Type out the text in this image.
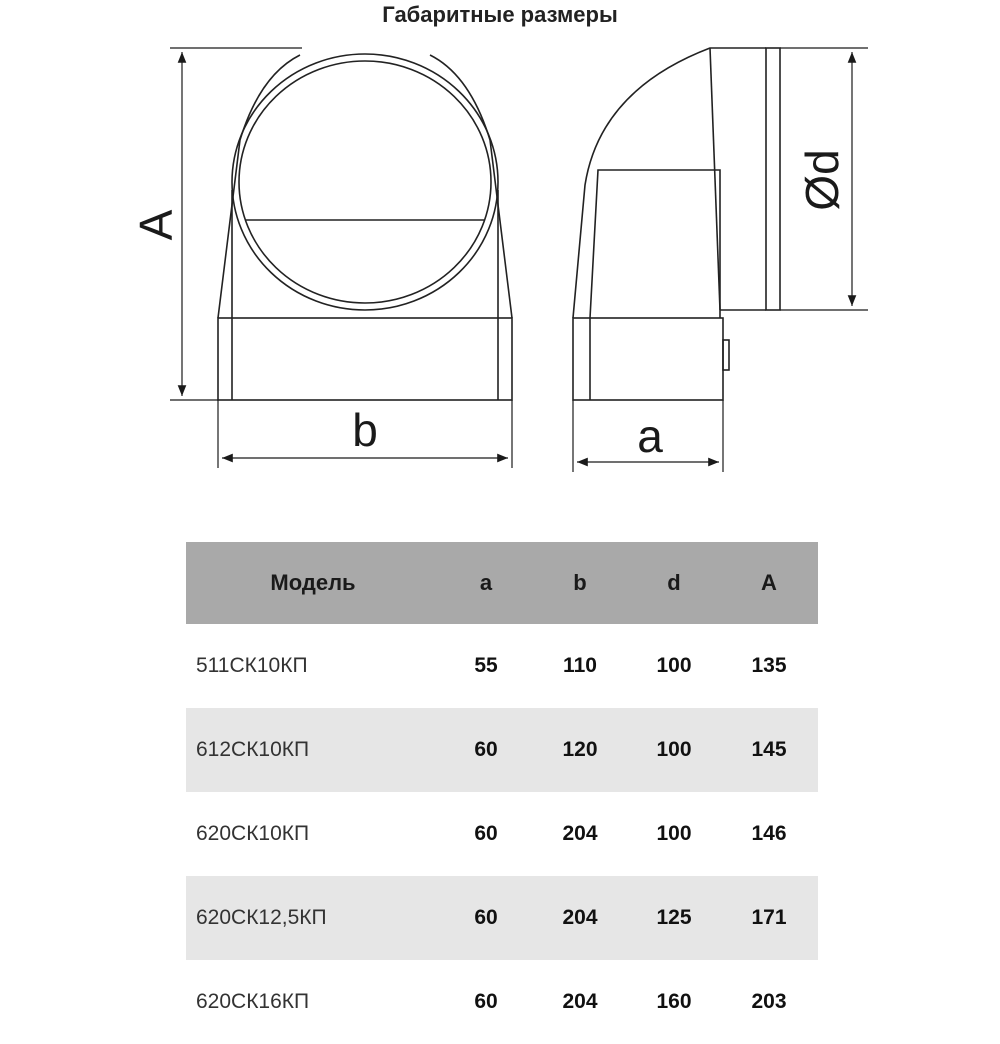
Габаритные размеры
A
b	a
Ød
Модель	a	b	d	A
511СК10КП	55	110	100	135
612СК10КП	60	120	100	145
620СК10КП	60	204	100	146
620СК12,5КП	60	204	125	171
620СК16КП	60	204	160	203
